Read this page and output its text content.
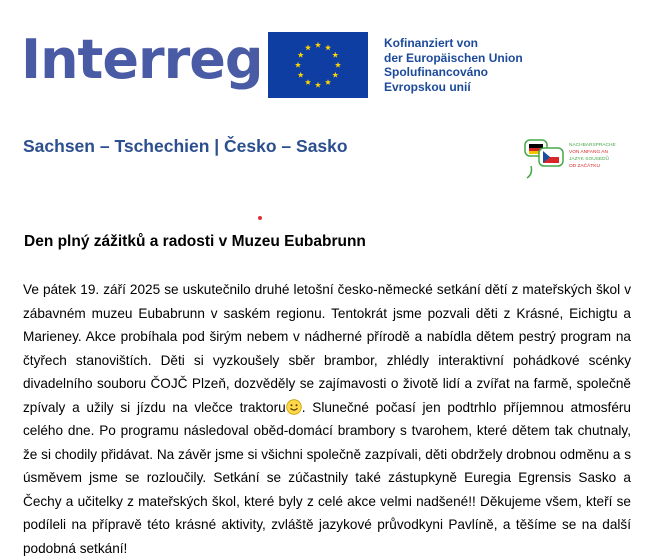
Interreg	Kofinanziert von
der Europäischen Union
Spolufinancováno
Evropskou unií
Sachsen – Tschechien | Česko – Sasko	NACHBARSPRACHE
VON ANFANG AN
JAZYK SOUSEDŮ
OD ZAČÁTKU
Den plný zážitků a radosti v Muzeu Eubabrunn
Ve pátek 19. září 2025 se uskutečnilo druhé letošní česko-německé setkání dětí z mateřských škol v zábavném muzeu Eubabrunn v saském regionu. Tentokrát jsme pozvali děti z Krásné, Eichigtu a Marieney. Akce probíhala pod širým nebem v nádherné přírodě a nabídla dětem pestrý program na čtyřech stanovištích. Děti si vyzkoušely sběr brambor, zhlédly interaktivní pohádkové scénky divadelního souboru ČOJČ Plzeň, dozvěděly se zajímavosti o životě lidí a zvířat na farmě, společně zpívaly a užily si jízdu na vlečce traktoru . Slunečné počasí jen podtrhlo příjemnou atmosféru celého dne. Po programu následoval oběd-domácí brambory s tvarohem, které dětem tak chutnaly, že si chodily přidávat. Na závěr jsme si všichni společně zazpívali, děti obdržely drobnou odměnu a s úsměvem jsme se rozloučily. Setkání se zúčastnily také zástupkyně Euregia Egrensis Sasko a Čechy a učitelky z mateřských škol, které byly z celé akce velmi nadšené!! Děkujeme všem, kteří se podíleli na přípravě této krásné aktivity, zvláště jazykové průvodkyni Pavlíně, a těšíme se na další podobná setkání!
